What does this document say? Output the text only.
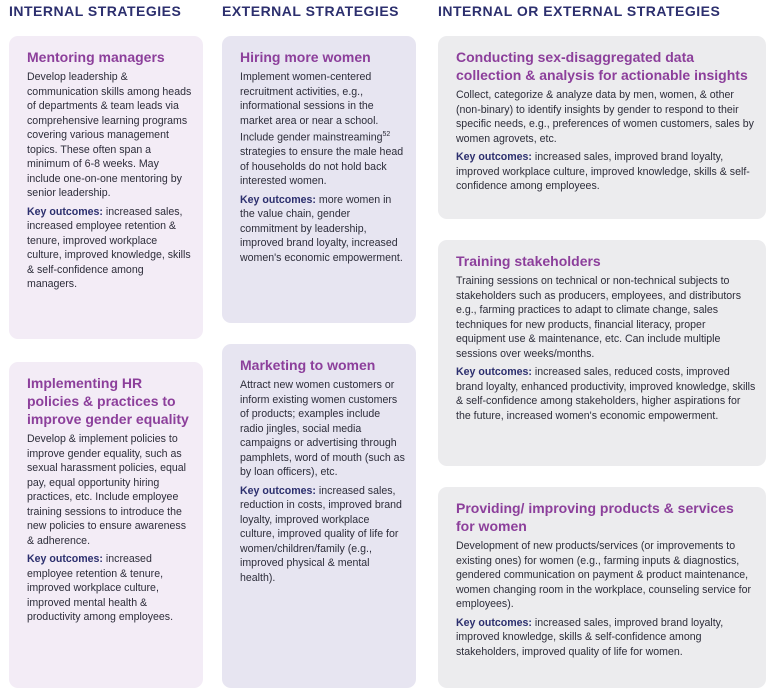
INTERNAL STRATEGIES	EXTERNAL STRATEGIES	INTERNAL OR EXTERNAL STRATEGIES

Mentoring managers

Develop leadership & communication skills among heads of departments & team leads via comprehensive learning programs covering various management topics. These often span a minimum of 6-8 weeks. May include one-on-one mentoring by senior leadership.

Key outcomes: increased sales, increased employee retention & tenure, improved workplace culture, improved knowledge, skills & self-confidence among managers.

Implementing HR policies & practices to improve gender equality

Develop & implement policies to improve gender equality, such as sexual harassment policies, equal pay, equal opportunity hiring practices, etc. Include employee training sessions to introduce the new policies to ensure awareness & adherence.

Key outcomes: increased employee retention & tenure, improved workplace culture, improved mental health & productivity among employees.

Hiring more women

Implement women-centered recruitment activities, e.g., informational sessions in the market area or near a school. Include gender mainstreaming$^{52}$ strategies to ensure the male head of households do not hold back interested women.

Key outcomes: more women in the value chain, gender commitment by leadership, improved brand loyalty, increased women's economic empowerment.

Marketing to women

Attract new women customers or inform existing women customers of products; examples include radio jingles, social media campaigns or advertising through pamphlets, word of mouth (such as by loan officers), etc.

Key outcomes: increased sales, reduction in costs, improved brand loyalty, improved workplace culture, improved quality of life for women/children/family (e.g., improved physical & mental health).

Conducting sex-disaggregated data collection & analysis for actionable insights

Collect, categorize & analyze data by men, women, & other (non-binary) to identify insights by gender to respond to their specific needs, e.g., preferences of women customers, sales by women agrovets, etc.

Key outcomes: increased sales, improved brand loyalty, improved workplace culture, improved knowledge, skills & self-confidence among employees.

Training stakeholders

Training sessions on technical or non-technical subjects to stakeholders such as producers, employees, and distributors e.g., farming practices to adapt to climate change, sales techniques for new products, financial literacy, proper equipment use & maintenance, etc. Can include multiple sessions over weeks/months.

Key outcomes: increased sales, reduced costs, improved brand loyalty, enhanced productivity, improved knowledge, skills & self-confidence among stakeholders, higher aspirations for the future, increased women's economic empowerment.

Providing/ improving products & services for women

Development of new products/services (or improvements to existing ones) for women (e.g., farming inputs & diagnostics, gendered communication on payment & product maintenance, women changing room in the workplace, counseling service for employees).

Key outcomes: increased sales, improved brand loyalty, improved knowledge, skills & self-confidence among stakeholders, improved quality of life for women.
